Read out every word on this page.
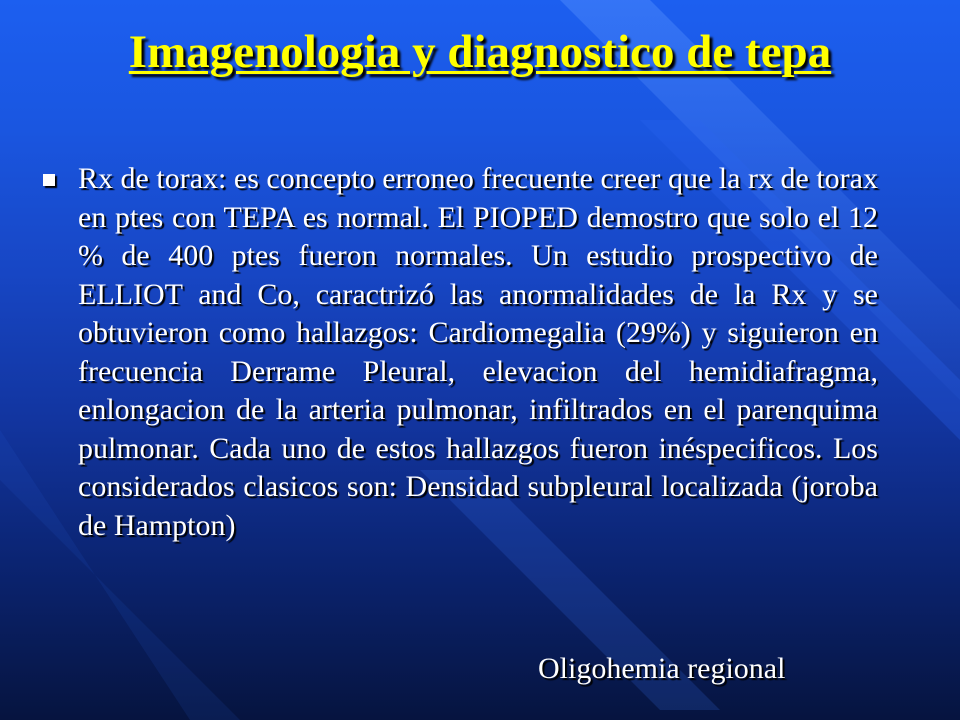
Imagenologia y diagnostico de tepa

Rx de torax: es concepto erroneo frecuente creer que la rx de torax en ptes con TEPA es normal. El PIOPED demostro que solo el 12 % de 400 ptes fueron normales. Un estudio prospectivo de ELLIOT and Co, caractrizó las anormalidades de la Rx y se obtuvieron como hallazgos: Cardiomegalia (29%) y siguieron en frecuencia Derrame Pleural, elevacion del hemidiafragma, enlongacion de la arteria pulmonar, infiltrados en el parenquima pulmonar. Cada uno de estos hallazgos fueron inéspecificos. Los considerados clasicos son: Densidad subpleural localizada (joroba de Hampton)

Oligohemia regional
